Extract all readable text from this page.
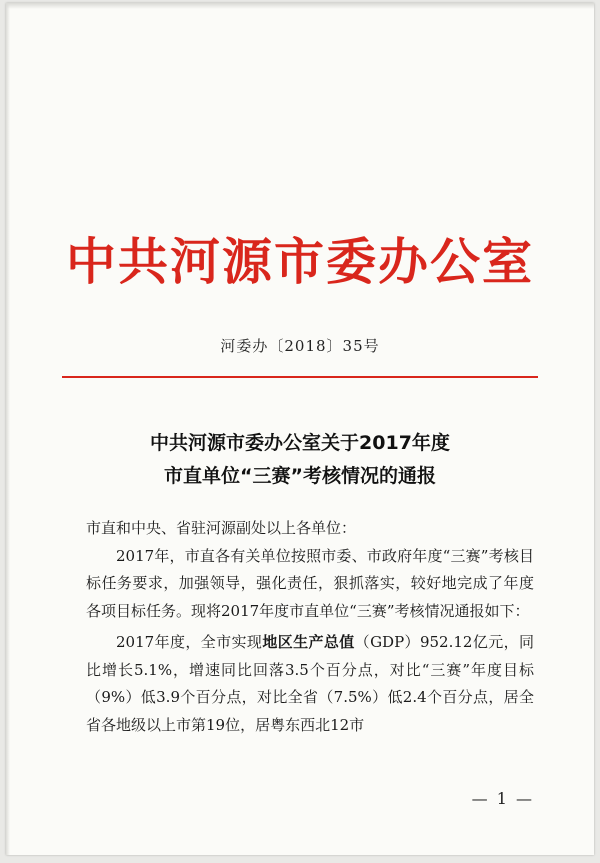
中共河源市委办公室
河委办〔2018〕35号
中共河源市委办公室关于2017年度
市直单位“三赛”考核情况的通报

市直和中央、省驻河源副处以上各单位：

2017年，市直各有关单位按照市委、市政府年度“三赛”考核目标任务要求，加强领导，强化责任，狠抓落实，较好地完成了年度各项目标任务。现将2017年度市直单位“三赛”考核情况通报如下：

2017年度，全市实现地区生产总值（GDP）952.12亿元，同比增长5.1%，增速同比回落3.5个百分点，对比“三赛”年度目标（9%）低3.9个百分点，对比全省（7.5%）低2.4个百分点，居全省各地级以上市第19位，居粤东西北12市

— 1 —
